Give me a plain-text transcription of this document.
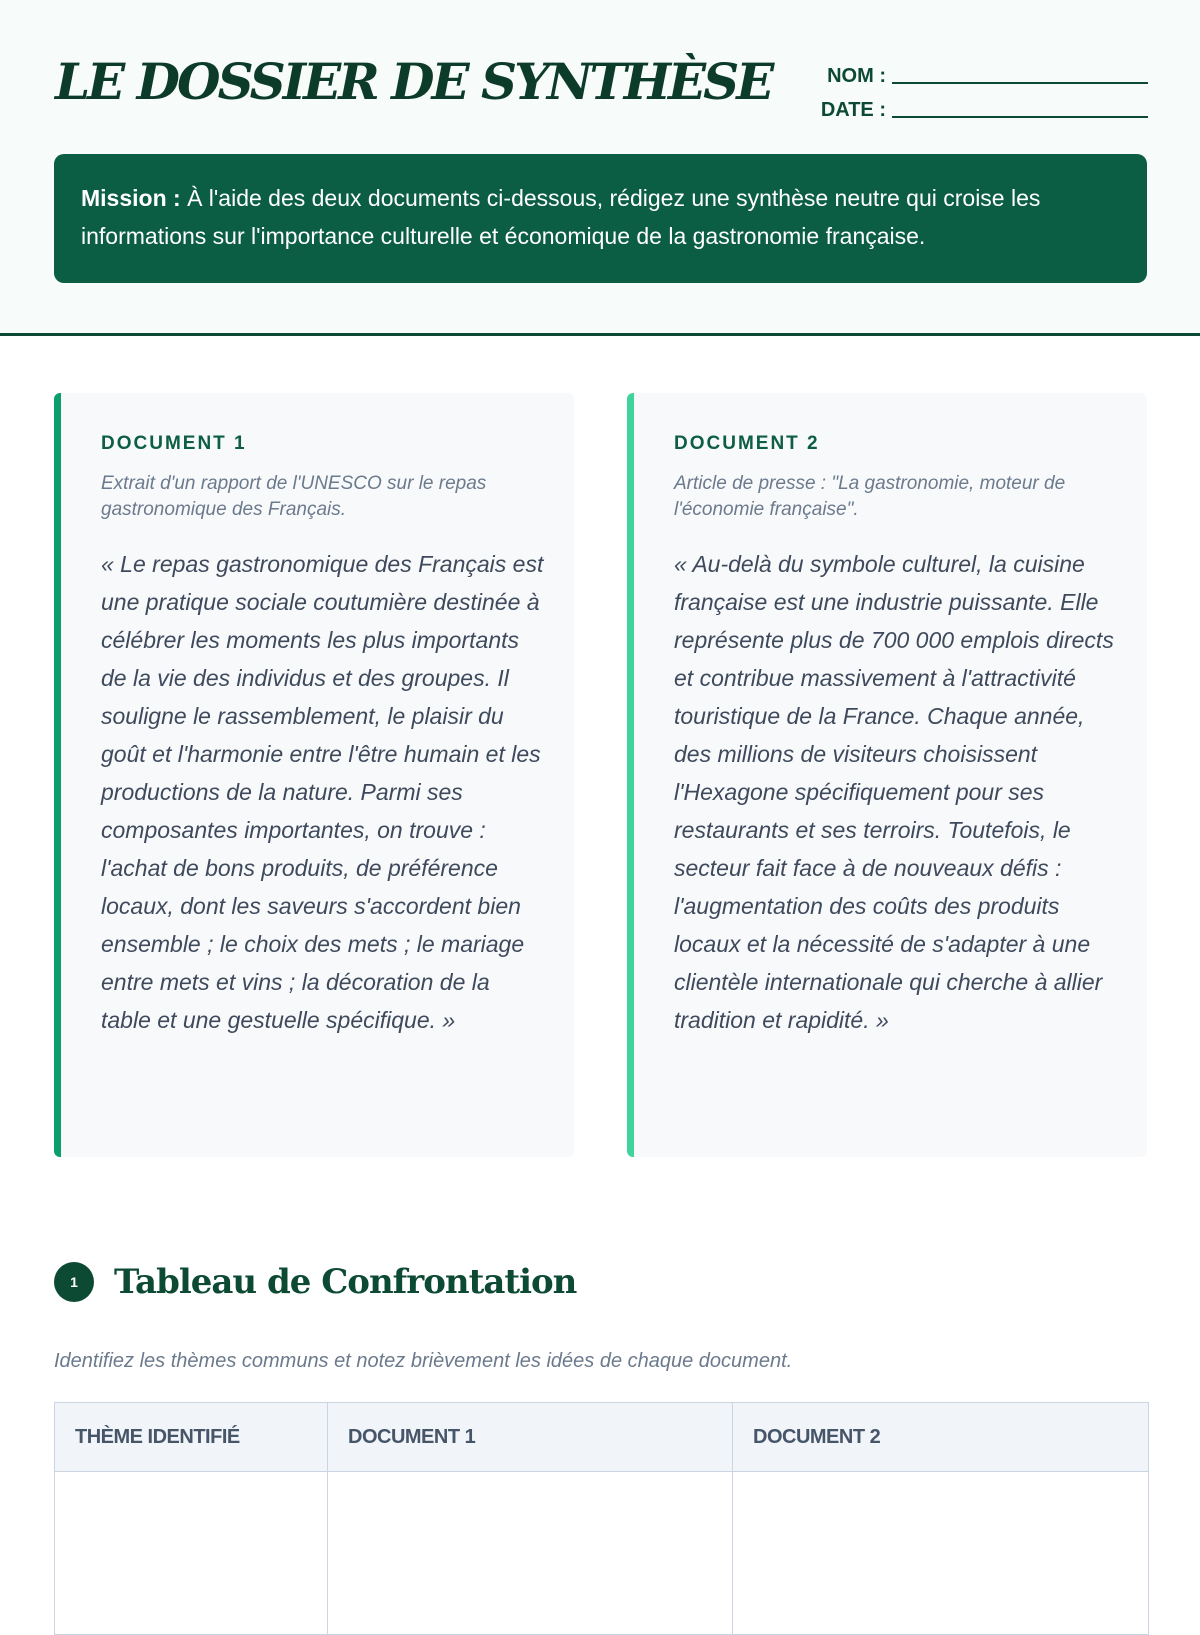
LE DOSSIER DE SYNTHÈSE	NOM :
DATE :
Mission : À l'aide des deux documents ci-dessous, rédigez une synthèse neutre qui croise les informations sur l'importance culturelle et économique de la gastronomie française.
DOCUMENT 1
Extrait d'un rapport de l'UNESCO sur le repas gastronomique des Français.
« Le repas gastronomique des Français est une pratique sociale coutumière destinée à célébrer les moments les plus importants de la vie des individus et des groupes. Il souligne le rassemblement, le plaisir du goût et l'harmonie entre l'être humain et les productions de la nature. Parmi ses composantes importantes, on trouve : l'achat de bons produits, de préférence locaux, dont les saveurs s'accordent bien ensemble ; le choix des mets ; le mariage entre mets et vins ; la décoration de la table et une gestuelle spécifique. »
DOCUMENT 2
Article de presse : "La gastronomie, moteur de l'économie française".
« Au-delà du symbole culturel, la cuisine française est une industrie puissante. Elle représente plus de 700 000 emplois directs et contribue massivement à l'attractivité touristique de la France. Chaque année, des millions de visiteurs choisissent l'Hexagone spécifiquement pour ses restaurants et ses terroirs. Toutefois, le secteur fait face à de nouveaux défis : l'augmentation des coûts des produits locaux et la nécessité de s'adapter à une clientèle internationale qui cherche à allier tradition et rapidité. »
1	Tableau de Confrontation
Identifiez les thèmes communs et notez brièvement les idées de chaque document.
THÈME IDENTIFIÉ	DOCUMENT 1	DOCUMENT 2
